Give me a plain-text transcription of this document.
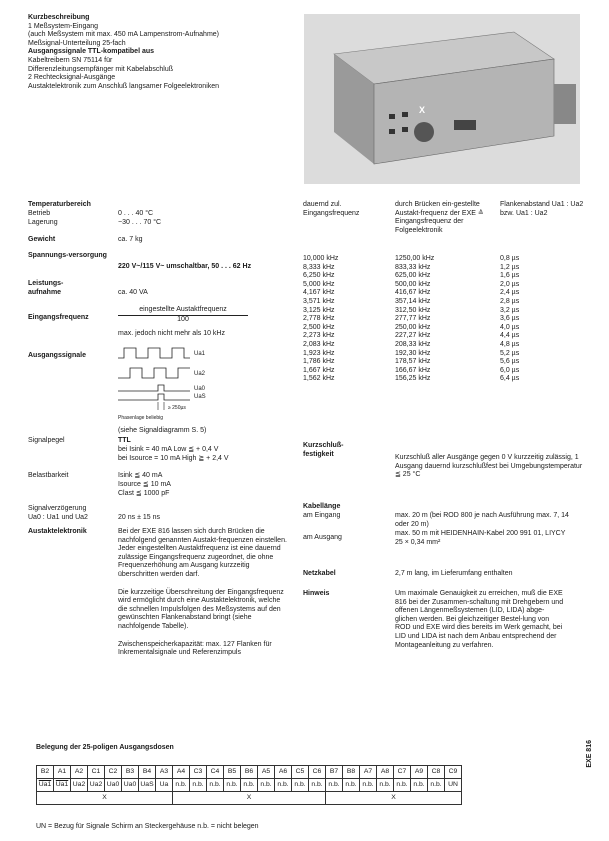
Kurzbeschreibung
1 Meßsystem-Eingang
(auch Meßsystem mit max. 450 mA Lampenstrom-Aufnahme)
Meßsignal-Unterteilung 25-fach
Ausgangssignale TTL-kompatibel aus
Kabeltreibern SN 75114 für
Differenzleitungsempfänger mit Kabelabschluß
2 Rechtecksignal-Ausgänge
Austaktelektronik zum Anschluß langsamer Folgeelektroniken
X
Temperaturbereich
Betrieb	0 . . . 40 °C
Lagerung	−30 . . . 70 °C
Gewicht	ca. 7 kg
Spannungs-versorgung
220 V~/115 V~ umschaltbar, 50 . . . 62 Hz
Leistungs-aufnahme	ca. 40 VA
Eingangsfrequenz
eingestellte Austaktfrequenz
100
max. jedoch nicht mehr als 10 kHz
Ausgangssignale	Ua1
Ua2
Ua0
UaS
≥ 250µs
Phasenlage beliebig
(siehe Signaldiagramm S. 5)
Signalpegel	TTL
bei Isink = 40 mA Low ≦ + 0,4 V
bei Isource = 10 mA High ≧ + 2,4 V
Belastbarkeit	Isink ≦ 40 mA
Isource ≦ 10 mA
Clast ≦ 1000 pF
Signalverzögerung
Ua0 : Ua1 und Ua2	20 ns ± 15 ns
Austaktelektronik	Bei der EXE 816 lassen sich durch Brücken die nachfolgend genannten Austakt-frequenzen einstellen. Jeder eingestellten Austaktfrequenz ist eine dauernd zulässige Eingangsfrequenz zugeordnet, die ohne Frequenzerhöhung am Ausgang kurzzeitig überschritten werden darf.
Die kurzzeitige Überschreitung der Eingangsfrequenz wird ermöglicht durch eine Austaktelektronik, welche die schnellen Impulsfolgen des Meßsystems auf den gewünschten Flankenabstand bringt (siehe nachfolgende Tabelle).
Zwischenspeicherkapazität: max. 127 Flanken für Inkrementalsignale und Referenzimpuls
dauernd zul. Eingangsfrequenz
durch Brücken ein-gestellte Austakt-frequenz der EXE ≙ Eingangsfrequenz der Folgeelektronik
Flankenabstand Ua1 : Ua2 bzw. Ua1 : Ua2
10,000 kHz	1250,00 kHz	0,8 µs
8,333 kHz	833,33 kHz	1,2 µs
6,250 kHz	625,00 kHz	1,6 µs
5,000 kHz	500,00 kHz	2,0 µs
4,167 kHz	416,67 kHz	2,4 µs
3,571 kHz	357,14 kHz	2,8 µs
3,125 kHz	312,50 kHz	3,2 µs
2,778 kHz	277,77 kHz	3,6 µs
2,500 kHz	250,00 kHz	4,0 µs
2,273 kHz	227,27 kHz	4,4 µs
2,083 kHz	208,33 kHz	4,8 µs
1,923 kHz	192,30 kHz	5,2 µs
1,786 kHz	178,57 kHz	5,6 µs
1,667 kHz	166,67 kHz	6,0 µs
1,562 kHz	156,25 kHz	6,4 µs
Kurzschluß-festigkeit	Kurzschluß aller Ausgänge gegen 0 V kurzzeitig zulässig, 1 Ausgang dauernd kurzschlußfest bei Umgebungstemperatur ≦ 25 °C
Kabellänge
am Eingang	max. 20 m (bei ROD 800 je nach Ausführung max. 7, 14 oder 20 m)
am Ausgang
max. 50 m mit HEIDENHAIN-Kabel 200 991 01, LIYCY 25 × 0,34 mm²
Netzkabel	2,7 m lang, im Lieferumfang enthalten
Hinweis	Um maximale Genauigkeit zu erreichen, muß die EXE 816 bei der Zusammen-schaltung mit Drehgebern und offenen Längenmeßsystemen (LID, LIDA) abge-glichen werden. Bei gleichzeitiger Bestel-lung von ROD und EXE wird dies bereits im Werk gemacht, bei LID und LIDA ist nach dem Anbau entsprechend der Montageanleitung zu verfahren.
Belegung der 25-poligen Ausgangsdosen
B2	A1	A2	C1	C2	B3	B4	A3	A4	C3	C4	B5	B6	A5	A6	C5	C6	B7	B8	A7	A8	C7	A9	C8	C9
Ua1	Ua1	Ua2	Ua2	Ua0	Ua0	UaS	Ua	n.b.	n.b.	n.b.	n.b.	n.b.	n.b.	n.b.	n.b.	n.b.	n.b.	n.b.	n.b.	n.b.	n.b.	n.b.	n.b.	UN
X								X									X							
UN = Bezug für Signale Schirm an Steckergehäuse n.b. = nicht belegen
EXE 816
